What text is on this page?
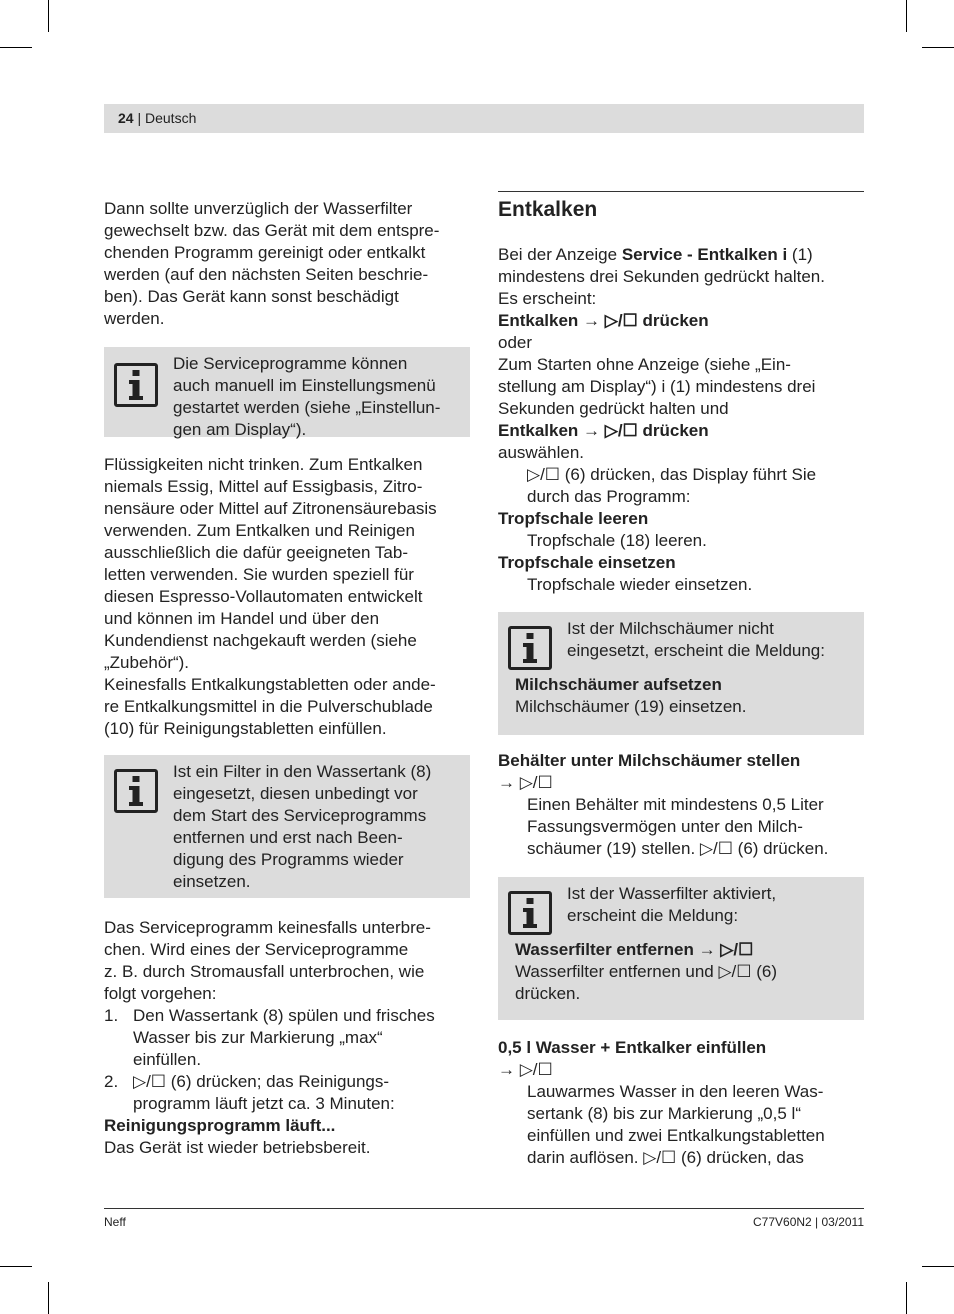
24 | Deutsch

Dann sollte unverzüglich der Wasserfilter
gewechselt bzw. das Gerät mit dem entspre-
chenden Programm gereinigt oder entkalkt
werden (auf den nächsten Seiten beschrie-
ben). Das Gerät kann sonst beschädigt
werden.

Die Serviceprogramme können
auch manuell im Einstellungsmenü
gestartet werden (siehe „Einstellun-
gen am Display“).

Flüssigkeiten nicht trinken. Zum Entkalken
niemals Essig, Mittel auf Essigbasis, Zitro-
nensäure oder Mittel auf Zitronensäurebasis
verwenden. Zum Entkalken und Reinigen
ausschließlich die dafür geeigneten Tab-
letten verwenden. Sie wurden speziell für
diesen Espresso-Vollautomaten entwickelt
und können im Handel und über den
Kundendienst nachgekauft werden (siehe
„Zubehör“).
Keinesfalls Entkalkungstabletten oder ande-
re Entkalkungsmittel in die Pulverschublade
(10) für Reinigungstabletten einfüllen.

Ist ein Filter in den Wassertank (8)
eingesetzt, diesen unbedingt vor
dem Start des Serviceprogramms
entfernen und erst nach Been-
digung des Programms wieder
einsetzen.

Das Serviceprogramm keinesfalls unterbre-
chen. Wird eines der Serviceprogramme
z. B. durch Stromausfall unterbrochen, wie
folgt vorgehen:

1. Den Wassertank (8) spülen und frisches
Wasser bis zur Markierung „max“
einfüllen.
2. ▷/☐ (6) drücken; das Reinigungs-
programm läuft jetzt ca. 3 Minuten:

Reinigungsprogramm läuft...

Das Gerät ist wieder betriebsbereit.

Entkalken

Bei der Anzeige Service - Entkalken i (1)
mindestens drei Sekunden gedrückt halten.
Es erscheint:

Entkalken → ▷/☐ drücken

oder

Zum Starten ohne Anzeige (siehe „Ein-
stellung am Display“) i (1) mindestens drei
Sekunden gedrückt halten und

Entkalken → ▷/☐ drücken

auswählen.

▷/☐ (6) drücken, das Display führt Sie
durch das Programm:

Tropfschale leeren

Tropfschale (18) leeren.

Tropfschale einsetzen

Tropfschale wieder einsetzen.

Ist der Milchschäumer nicht
eingesetzt, erscheint die Meldung:

Milchschäumer aufsetzen

Milchschäumer (19) einsetzen.

Behälter unter Milchschäumer stellen

→ ▷/☐

Einen Behälter mit mindestens 0,5 Liter
Fassungsvermögen unter den Milch-
schäumer (19) stellen. ▷/☐ (6) drücken.

Ist der Wasserfilter aktiviert,
erscheint die Meldung:

Wasserfilter entfernen → ▷/☐

Wasserfilter entfernen und ▷/☐ (6)
drücken.

0,5 l Wasser + Entkalker einfüllen

→ ▷/☐

Lauwarmes Wasser in den leeren Was-
sertank (8) bis zur Markierung „0,5 l“
einfüllen und zwei Entkalkungstabletten
darin auflösen. ▷/☐ (6) drücken, das

Neff	C77V60N2 | 03/2011
